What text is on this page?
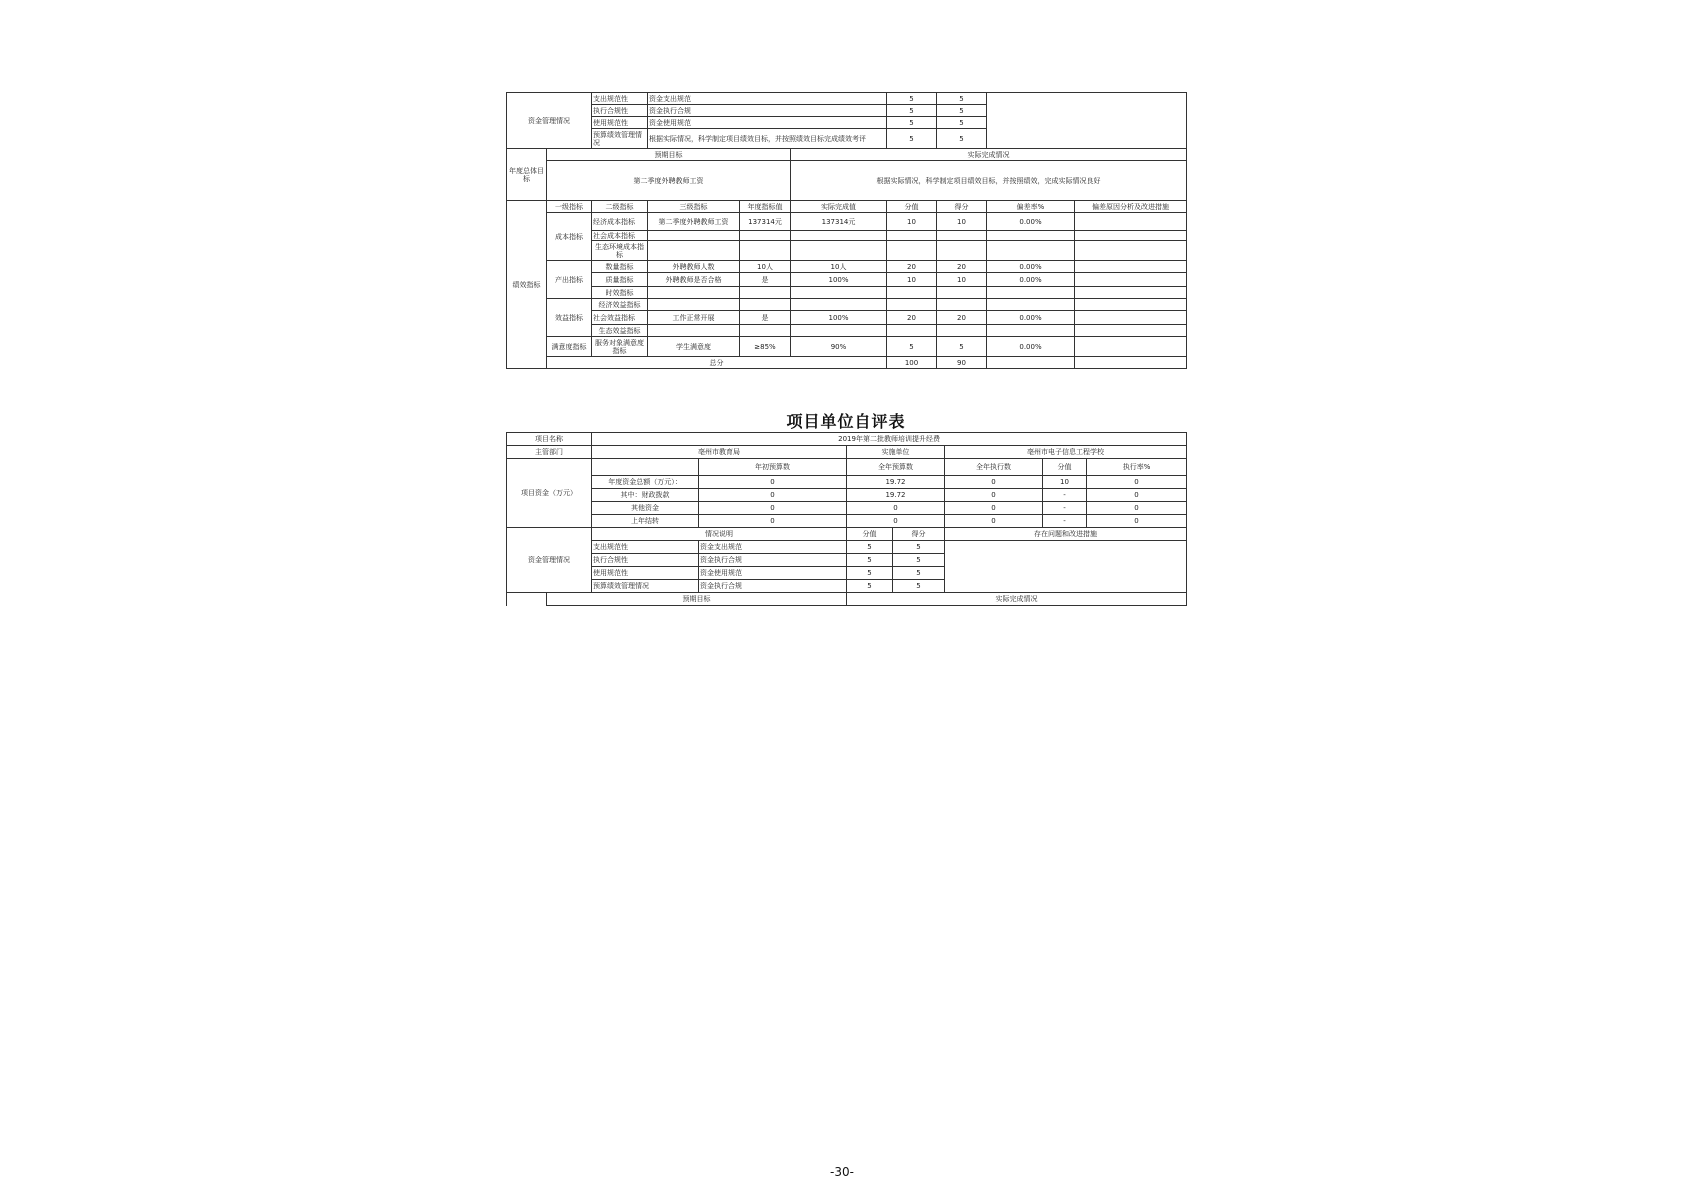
资金管理情况		支出规范性	资金支出规范			5	5		
		执行合规性	资金执行合规			5	5		
		使用规范性	资金使用规范			5	5		
		预算绩效管理情况	根据实际情况，科学制定项目绩效目标，并按照绩效目标完成绩效考评			5	5		
年度总体目标	预期目标				实际完成情况				
	第二季度外聘教师工资				根据实际情况，科学制定项目绩效目标，并按照绩效，完成实际情况良好				
绩效指标	一级指标	二级指标	三级指标	年度指标值	实际完成值	分值	得分	偏差率%	偏差原因分析及改进措施
	成本指标	经济成本指标	第二季度外聘教师工资	137314元	137314元	10	10	0.00%	
		社会成本指标							
		生态环境成本指标							
	产出指标	数量指标	外聘教师人数	10人	10人	20	20	0.00%	
		质量指标	外聘教师是否合格	是	100%	10	10	0.00%	
		时效指标							
	效益指标	经济效益指标							
		社会效益指标	工作正常开展	是	100%	20	20	0.00%	
		生态效益指标							
	满意度指标	服务对象满意度指标	学生满意度	≥85%	90%	5	5	0.00%	
	总分					100	90		
项目单位自评表
项目名称		2019年第二批教师培训提升经费							
主管部门		亳州市教育局		实施单位		亳州市电子信息工程学校			
项目资金（万元）			年初预算数	全年预算数		全年执行数	分值	执行率%	
		年度资金总额（万元）：	0	19.72		0	10	0	
		其中：财政拨款	0	19.72		0	-	0	
		其他资金	0	0		0	-	0	
		上年结转	0	0		0	-	0	
资金管理情况		情况说明		分值	得分	存在问题和改进措施			
		支出规范性	资金支出规范	5	5				
		执行合规性	资金执行合规	5	5				
		使用规范性	资金使用规范	5	5				
		预算绩效管理情况	资金执行合规	5	5				
	预期目标			实际完成情况					
-30-
